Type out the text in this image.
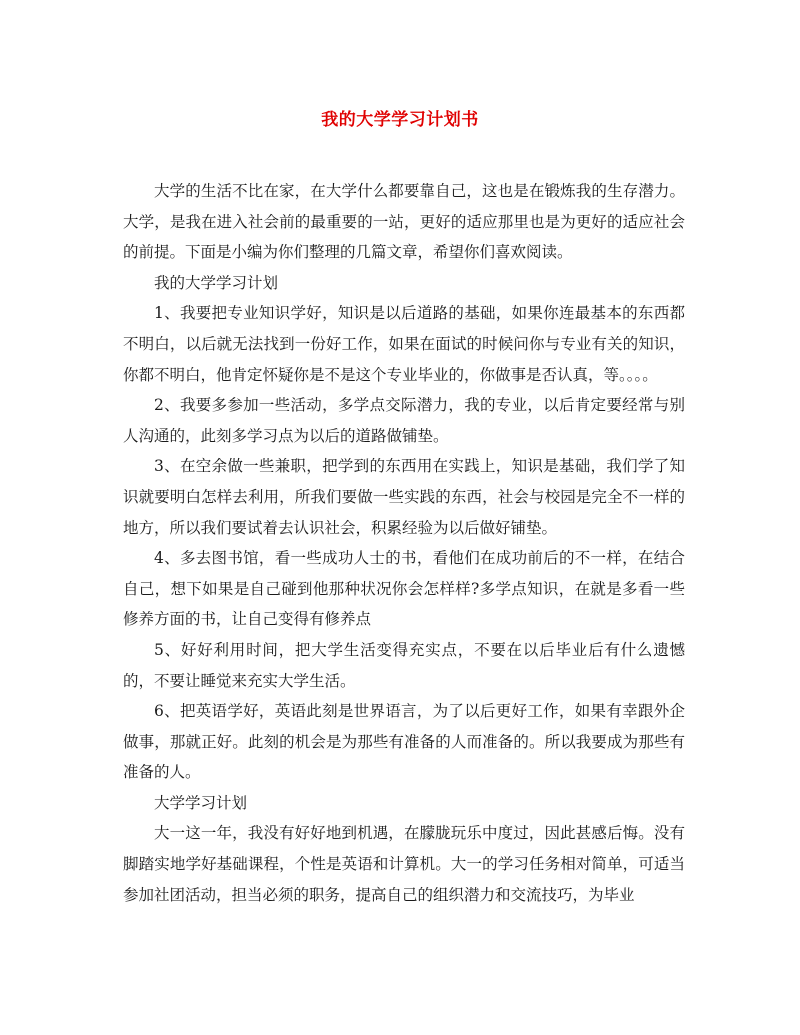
我的大学学习计划书

大学的生活不比在家，在大学什么都要靠自己，这也是在锻炼我的生存潜力。大学，是我在进入社会前的最重要的一站，更好的适应那里也是为更好的适应社会的前提。下面是小编为你们整理的几篇文章，希望你们喜欢阅读。

我的大学学习计划

1、我要把专业知识学好，知识是以后道路的基础，如果你连最基本的东西都不明白，以后就无法找到一份好工作，如果在面试的时候问你与专业有关的知识，你都不明白，他肯定怀疑你是不是这个专业毕业的，你做事是否认真，等。。。。

2、我要多参加一些活动，多学点交际潜力，我的专业，以后肯定要经常与别人沟通的，此刻多学习点为以后的道路做铺垫。

3、在空余做一些兼职，把学到的东西用在实践上，知识是基础，我们学了知识就要明白怎样去利用，所我们要做一些实践的东西，社会与校园是完全不一样的地方，所以我们要试着去认识社会，积累经验为以后做好铺垫。

4、多去图书馆，看一些成功人士的书，看他们在成功前后的不一样，在结合自己，想下如果是自己碰到他那种状况你会怎样样?多学点知识，在就是多看一些修养方面的书，让自己变得有修养点

5、好好利用时间，把大学生活变得充实点，不要在以后毕业后有什么遗憾的，不要让睡觉来充实大学生活。

6、把英语学好，英语此刻是世界语言，为了以后更好工作，如果有幸跟外企做事，那就正好。此刻的机会是为那些有准备的人而准备的。所以我要成为那些有准备的人。

大学学习计划

大一这一年，我没有好好地到机遇，在朦胧玩乐中度过，因此甚感后悔。没有脚踏实地学好基础课程，个性是英语和计算机。大一的学习任务相对简单，可适当参加社团活动，担当必须的职务，提高自己的组织潜力和交流技巧，为毕业
